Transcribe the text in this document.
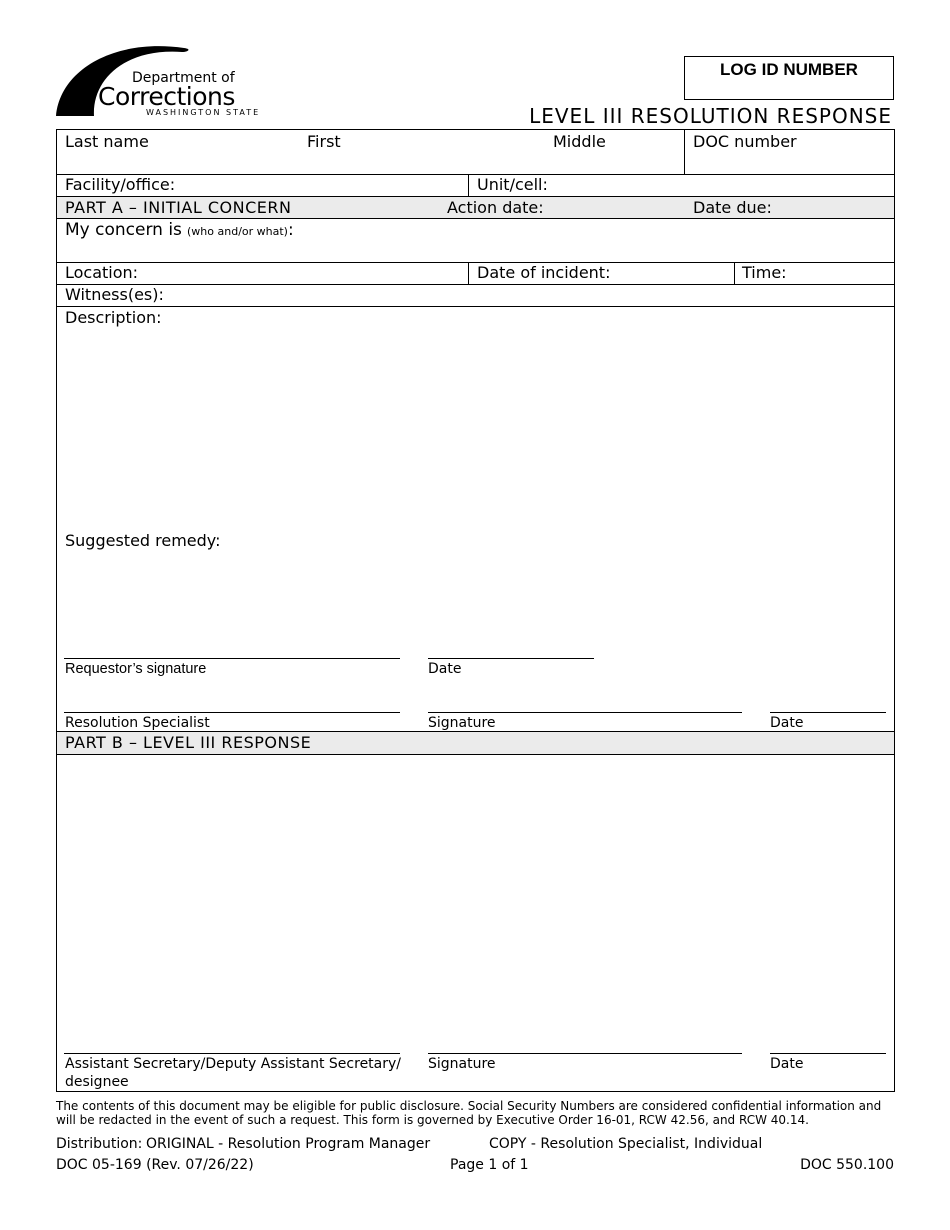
Department of
Corrections
WASHINGTON STATE
LOG ID NUMBER
LEVEL III RESOLUTION RESPONSE
Last name	First	Middle	DOC number
Facility/office:	Unit/cell:
PART A – INITIAL CONCERN	Action date:	Date due:
My concern is (who and/or what):
Location:	Date of incident:	Time:
Witness(es):
Description:
Suggested remedy:
Requestor’s signature	Date
Resolution Specialist	Signature	Date
PART B – LEVEL III RESPONSE
Assistant Secretary/Deputy Assistant Secretary/
designee
Signature	Date
The contents of this document may be eligible for public disclosure. Social Security Numbers are considered confidential information and will be redacted in the event of such a request. This form is governed by Executive Order 16-01, RCW 42.56, and RCW 40.14.
Distribution: ORIGINAL - Resolution Program Manager	COPY - Resolution Specialist, Individual
DOC 05-169 (Rev. 07/26/22)	Page 1 of 1	DOC 550.100
